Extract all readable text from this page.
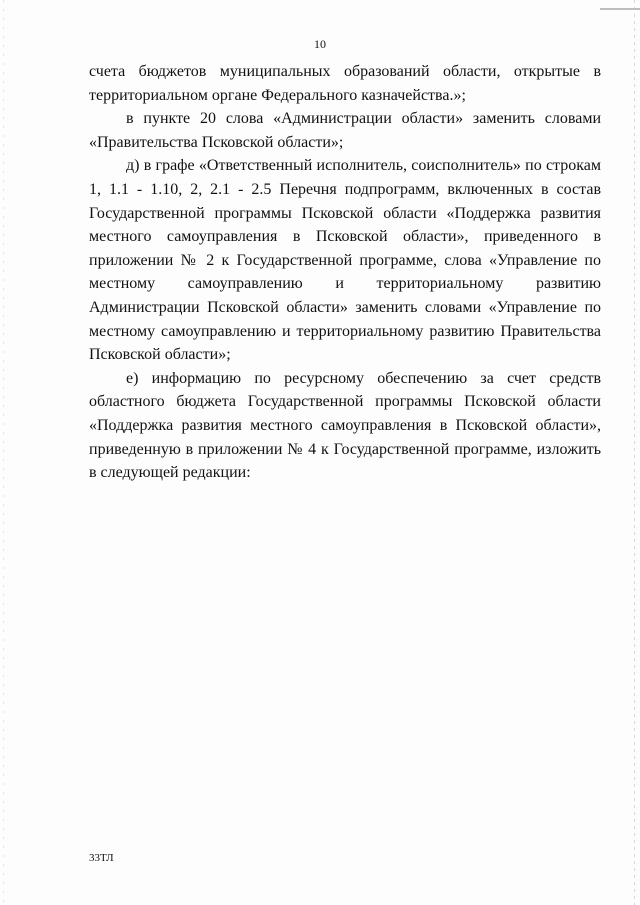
10

счета бюджетов муниципальных образований области, открытые в территориальном органе Федерального казначейства.»;

в пункте 20 слова «Администрации области» заменить словами «Правительства Псковской области»;

д) в графе «Ответственный исполнитель, соисполнитель» по строкам 1, 1.1 - 1.10, 2, 2.1 - 2.5 Перечня подпрограмм, включенных в состав Государственной программы Псковской области «Поддержка развития местного самоуправления в Псковской области», приведенного в приложении № 2 к Государственной программе, слова «Управление по местному самоуправлению и территориальному развитию Администрации Псковской области» заменить словами «Управление по местному самоуправлению и территориальному развитию Правительства Псковской области»;

е) информацию по ресурсному обеспечению за счет средств областного бюджета Государственной программы Псковской области «Поддержка развития местного самоуправления в Псковской области», приведенную в приложении № 4 к Государственной программе, изложить в следующей редакции:

33ТЛ
